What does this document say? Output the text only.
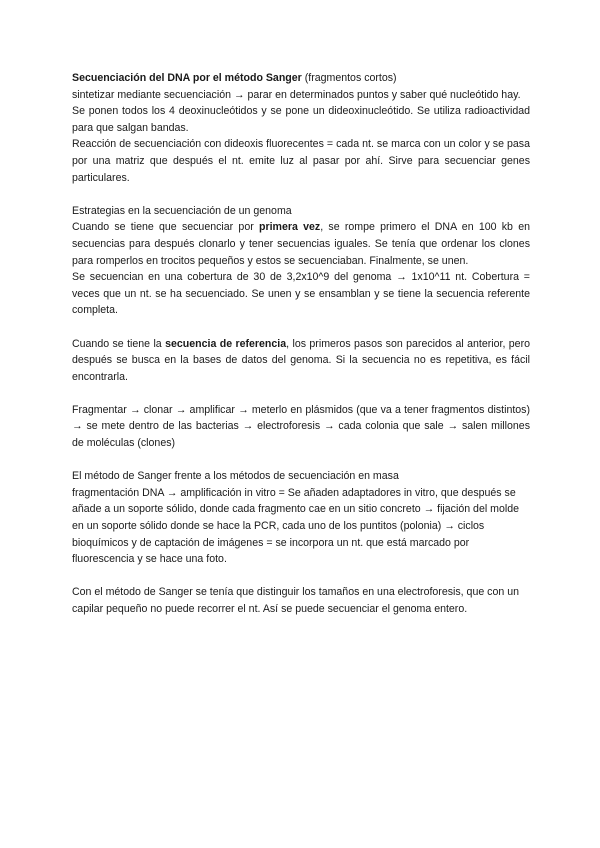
Secuenciación del DNA por el método Sanger (fragmentos cortos)

sintetizar mediante secuenciación → parar en determinados puntos y saber qué nucleótido hay.

Se ponen todos los 4 deoxinucleótidos y se pone un dideoxinucleótido. Se utiliza radioactividad para que salgan bandas.

Reacción de secuenciación con dideoxis fluorecentes = cada nt. se marca con un color y se pasa por una matriz que después el nt. emite luz al pasar por ahí. Sirve para secuenciar genes particulares.

Estrategias en la secuenciación de un genoma

Cuando se tiene que secuenciar por primera vez, se rompe primero el DNA en 100 kb en secuencias para después clonarlo y tener secuencias iguales. Se tenía que ordenar los clones para romperlos en trocitos pequeños y estos se secuenciaban. Finalmente, se unen.

Se secuencian en una cobertura de 30 de 3,2x10^9 del genoma → 1x10^11 nt. Cobertura = veces que un nt. se ha secuenciado. Se unen y se ensamblan y se tiene la secuencia referente completa.

Cuando se tiene la secuencia de referencia, los primeros pasos son parecidos al anterior, pero después se busca en la bases de datos del genoma. Si la secuencia no es repetitiva, es fácil encontrarla.

Fragmentar → clonar → amplificar → meterlo en plásmidos (que va a tener fragmentos distintos) → se mete dentro de las bacterias → electroforesis → cada colonia que sale → salen millones de moléculas (clones)

El método de Sanger frente a los métodos de secuenciación en masa

fragmentación DNA → amplificación in vitro = Se añaden adaptadores in vitro, que después se añade a un soporte sólido, donde cada fragmento cae en un sitio concreto → fijación del molde en un soporte sólido donde se hace la PCR, cada uno de los puntitos (polonia) → ciclos bioquímicos y de captación de imágenes = se incorpora un nt. que está marcado por fluorescencia y se hace una foto.

Con el método de Sanger se tenía que distinguir los tamaños en una electroforesis, que con un capilar pequeño no puede recorrer el nt. Así se puede secuenciar el genoma entero.
